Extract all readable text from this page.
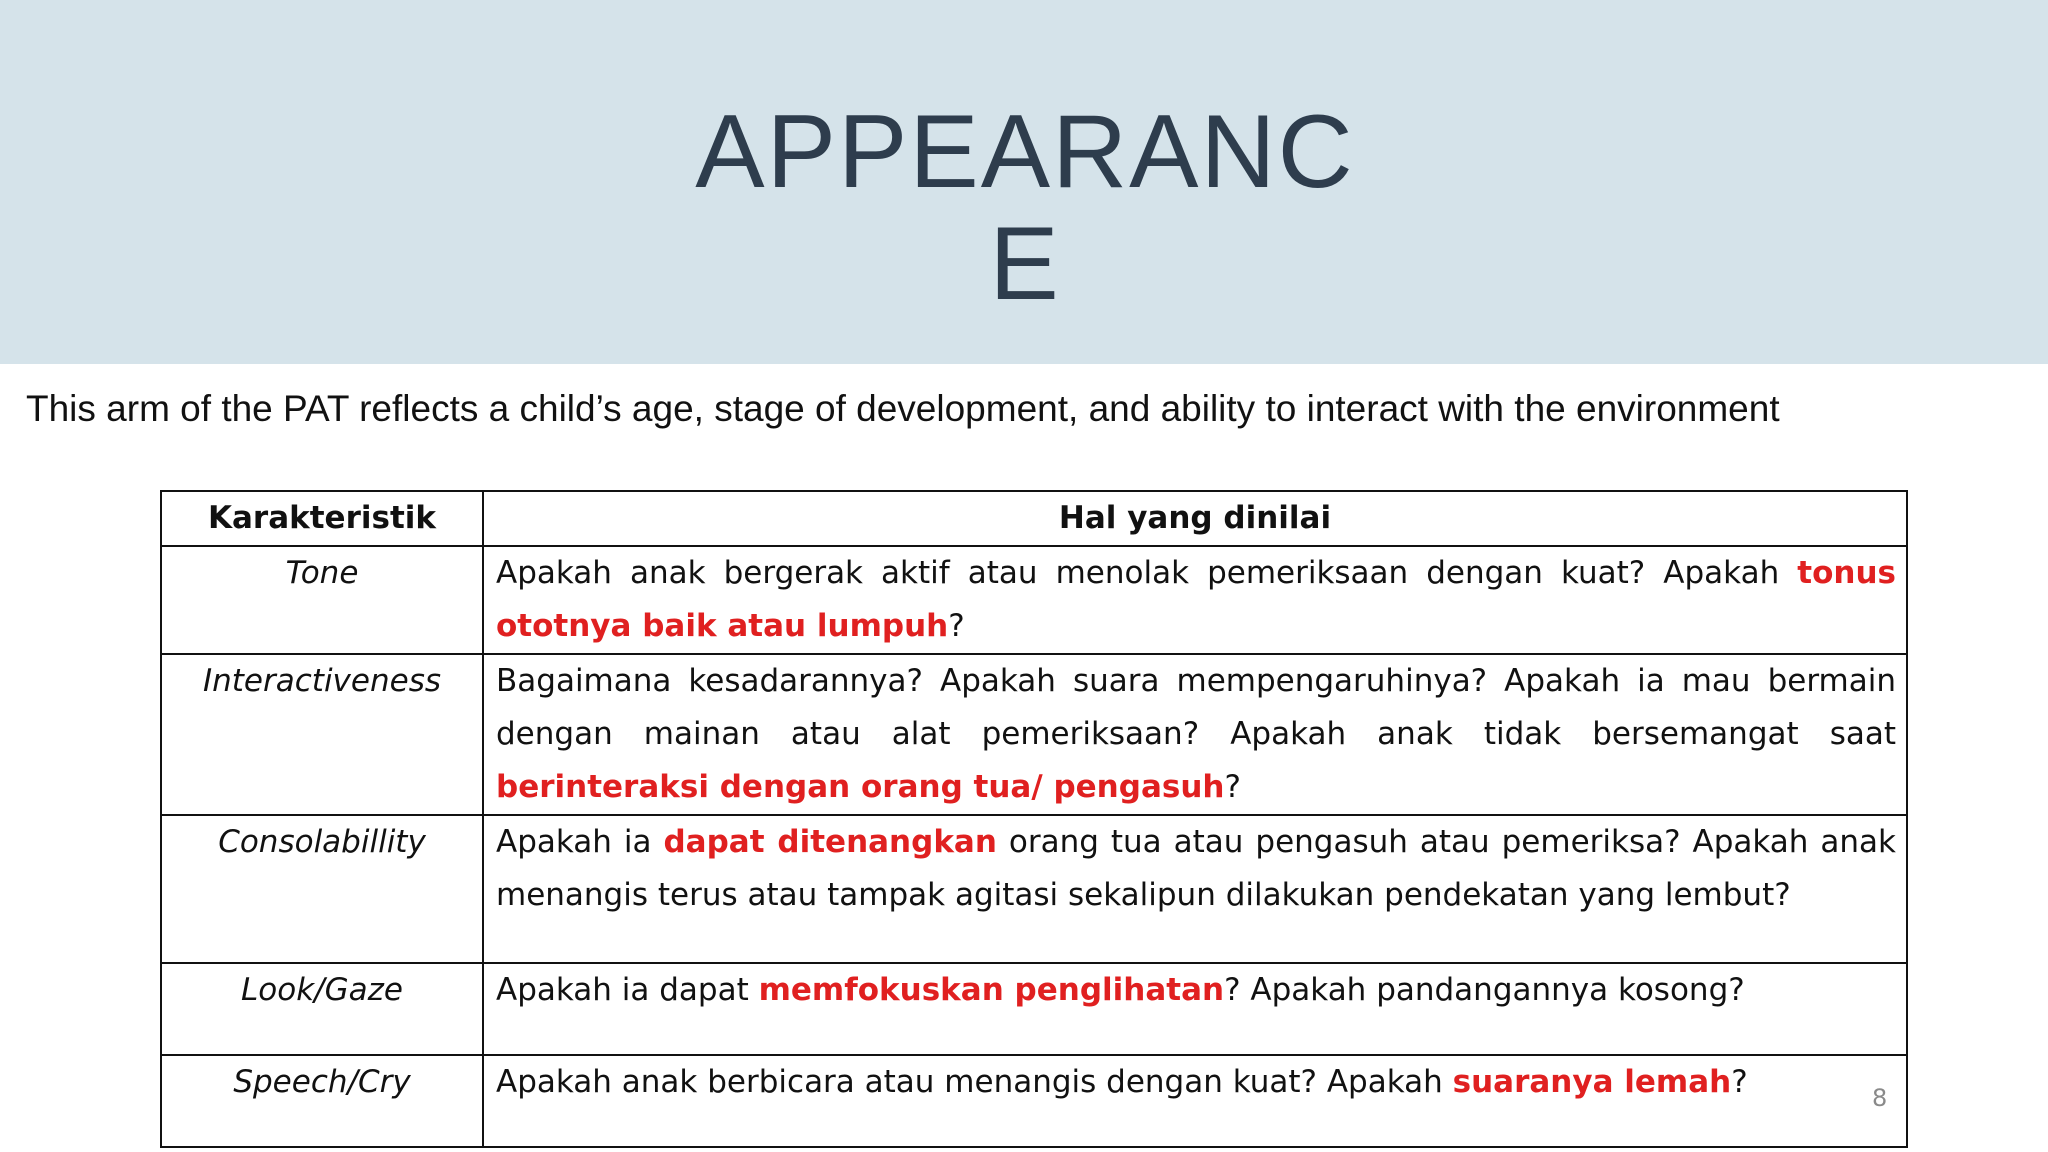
APPEARANCE
This arm of the PAT reflects a child’s age, stage of development, and ability to interact with the environment
Karakteristik	Hal yang dinilai
Tone	Apakah anak bergerak aktif atau menolak pemeriksaan dengan kuat? Apakah tonus ototnya baik atau lumpuh?
Interactiveness	Bagaimana kesadarannya? Apakah suara mempengaruhinya? Apakah ia mau bermain dengan mainan atau alat pemeriksaan? Apakah anak tidak bersemangat saat berinteraksi dengan orang tua/ pengasuh?
Consolabillity	Apakah ia dapat ditenangkan orang tua atau pengasuh atau pemeriksa? Apakah anak menangis terus atau tampak agitasi sekalipun dilakukan pendekatan yang lembut?
Look/Gaze	Apakah ia dapat memfokuskan penglihatan? Apakah pandangannya kosong?
Speech/Cry	Apakah anak berbicara atau menangis dengan kuat? Apakah suaranya lemah?	8
